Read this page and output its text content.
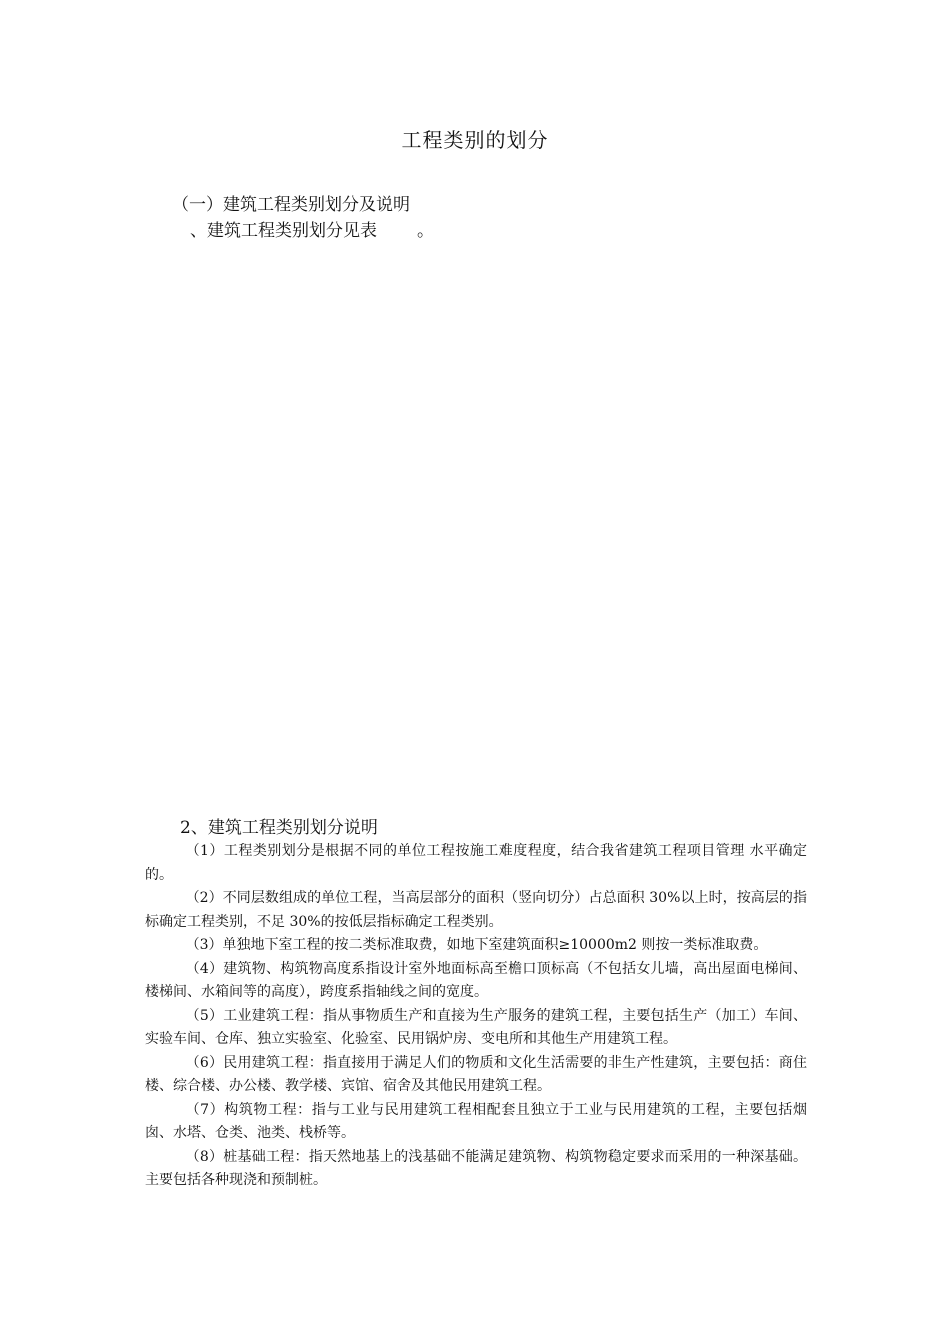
工程类别的划分
（一）建筑工程类别划分及说明
、建筑工程类别划分见表 。
2、建筑工程类别划分说明

（1）工程类别划分是根据不同的单位工程按施工难度程度，结合我省建筑工程项目管理 水平确定的。

（2）不同层数组成的单位工程，当高层部分的面积（竖向切分）占总面积 30%以上时，按高层的指标确定工程类别，不足 30%的按低层指标确定工程类别。

（3）单独地下室工程的按二类标准取费，如地下室建筑面积≥10000m2 则按一类标准取费。

（4）建筑物、构筑物高度系指设计室外地面标高至檐口顶标高（不包括女儿墙，高出屋面电梯间、楼梯间、水箱间等的高度），跨度系指轴线之间的宽度。

（5）工业建筑工程：指从事物质生产和直接为生产服务的建筑工程，主要包括生产（加工）车间、实验车间、仓库、独立实验室、化验室、民用锅炉房、变电所和其他生产用建筑工程。

（6）民用建筑工程：指直接用于满足人们的物质和文化生活需要的非生产性建筑，主要包括：商住楼、综合楼、办公楼、教学楼、宾馆、宿舍及其他民用建筑工程。

（7）构筑物工程：指与工业与民用建筑工程相配套且独立于工业与民用建筑的工程，主要包括烟囱、水塔、仓类、池类、栈桥等。

（8）桩基础工程：指天然地基上的浅基础不能满足建筑物、构筑物稳定要求而采用的一种深基础。主要包括各种现浇和预制桩。
